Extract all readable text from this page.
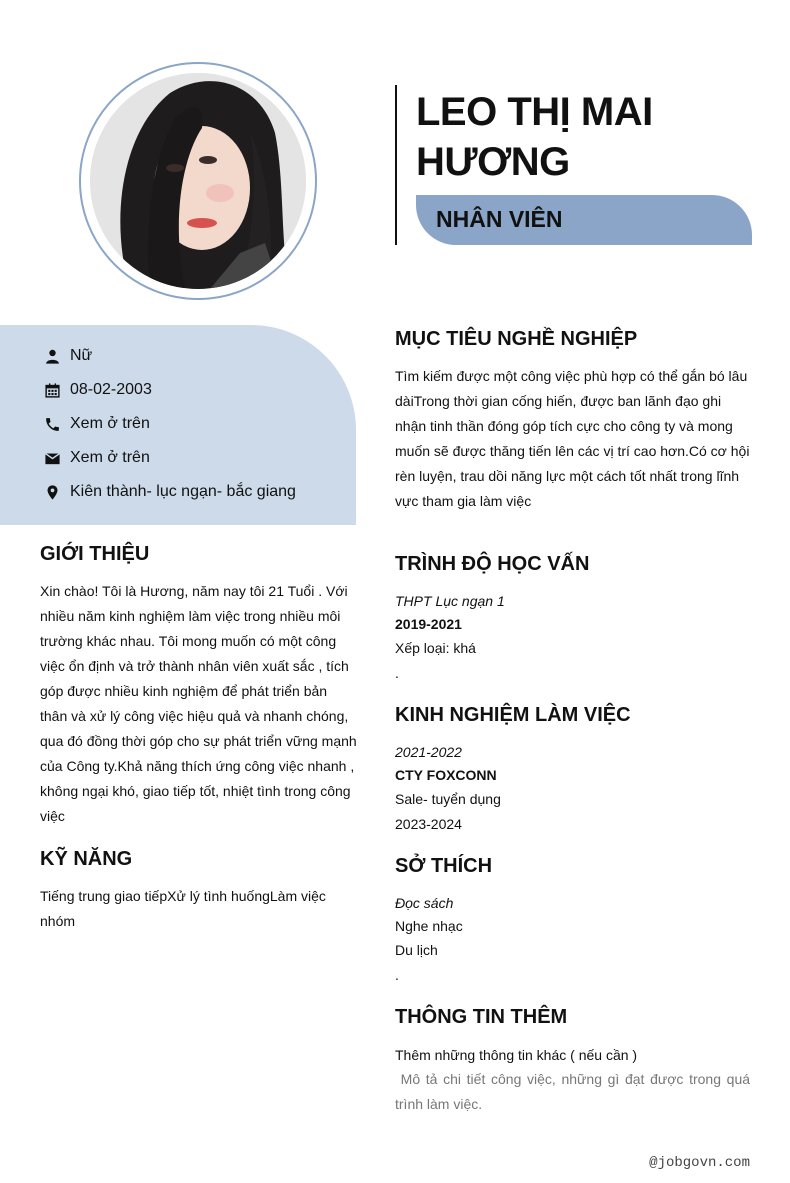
LEO THỊ MAI HƯƠNG
NHÂN VIÊN
Nữ
08-02-2003
Xem ở trên
Xem ở trên
Kiên thành- lục ngạn- bắc giang
GIỚI THIỆU
Xin chào! Tôi là Hương, năm nay tôi 21 Tuổi . Với nhiều năm kinh nghiệm làm việc trong nhiều môi trường khác nhau. Tôi mong muốn có một công việc ổn định và trở thành nhân viên xuất sắc , tích góp được nhiều kinh nghiệm để phát triển bản thân và xử lý công việc hiệu quả và nhanh chóng, qua đó đồng thời góp cho sự phát triển vững mạnh của Công ty.Khả năng thích ứng công việc nhanh , không ngại khó, giao tiếp tốt, nhiệt tình trong công việc
KỸ NĂNG
Tiếng trung giao tiếpXử lý tình huốngLàm việc nhóm
MỤC TIÊU NGHỀ NGHIỆP
Tìm kiếm được một công việc phù hợp có thể gắn bó lâu dàiTrong thời gian cống hiến, được ban lãnh đạo ghi nhận tinh thần đóng góp tích cực cho công ty và mong muốn sẽ được thăng tiến lên các vị trí cao hơn.Có cơ hội rèn luyện, trau dồi năng lực một cách tốt nhất trong lĩnh vực tham gia làm việc
TRÌNH ĐỘ HỌC VẤN
THPT Lục ngạn 1
2019-2021
Xếp loại: khá
.
KINH NGHIỆM LÀM VIỆC
2021-2022
CTY FOXCONN
Sale- tuyển dụng
2023-2024
SỞ THÍCH
Đọc sách
Nghe nhạc
Du lịch
.
THÔNG TIN THÊM
Thêm những thông tin khác ( nếu cần )
Mô tả chi tiết công việc, những gì đạt được trong quá trình làm việc.
@jobgovn.com
